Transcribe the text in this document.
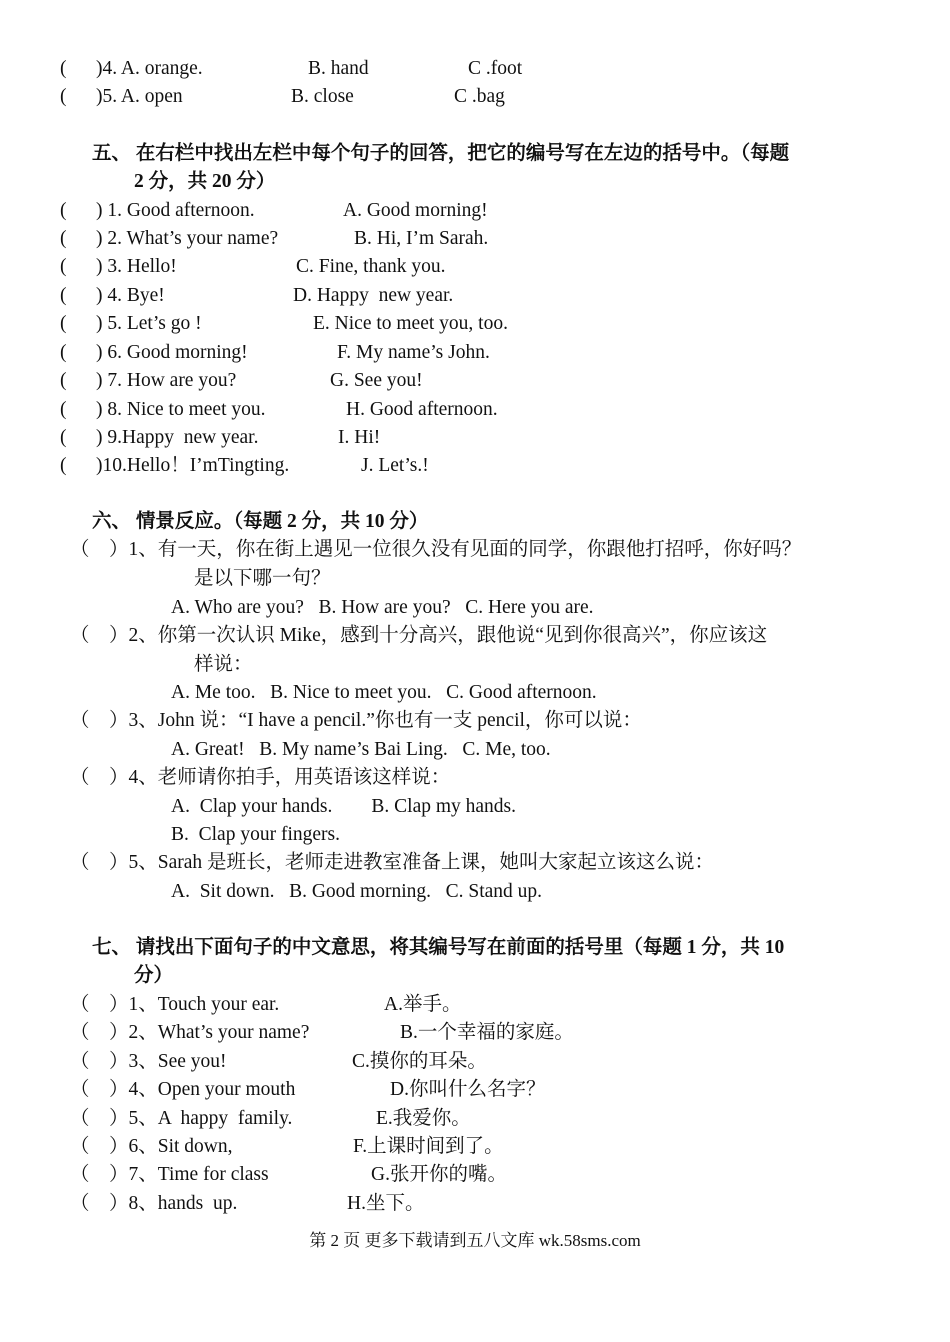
( )4. A. orange.	B. hand	C .foot
( )5. A. open	B. close	C .bag
五、 在右栏中找出左栏中每个句子的回答，把它的编号写在左边的括号中。（每题
2 分，共 20 分）
( ) 1. Good afternoon.	A. Good morning!
( ) 2. What’s your name?	B. Hi, I’m Sarah.
( ) 3. Hello!	C. Fine, thank you.
( ) 4. Bye!	D. Happy  new year.
( ) 5. Let’s go !	E. Nice to meet you, too.
( ) 6. Good morning!	F. My name’s John.
( ) 7. How are you?	G. See you!
( ) 8. Nice to meet you.	H. Good afternoon.
( ) 9.Happy  new year.	I. Hi!
( )10.Hello！I’mTingting.	J. Let’s.!
六、 情景反应。（每题 2 分，共 10 分）
（    ）1、有一天，你在街上遇见一位很久没有见面的同学，你跟他打招呼，你好吗？
是以下哪一句？
A. Who are you?   B. How are you?   C. Here you are.
（    ）2、你第一次认识 Mike，感到十分高兴，跟他说“见到你很高兴”，你应该这
样说：
A. Me too.   B. Nice to meet you.   C. Good afternoon.
（    ）3、John 说：“I have a pencil.”你也有一支 pencil，你可以说：
A. Great!   B. My name’s Bai Ling.   C. Me, too.
（    ）4、老师请你拍手，用英语该这样说：
A.  Clap your hands.        B. Clap my hands.
B.  Clap your fingers.
（    ）5、Sarah 是班长，老师走进教室准备上课，她叫大家起立该这么说：
A.  Sit down.   B. Good morning.   C. Stand up.
七、 请找出下面句子的中文意思，将其编号写在前面的括号里（每题 1 分，共 10
分）
（    ）1、Touch your ear.	A.举手。
（    ）2、What’s your name?	B.一个幸福的家庭。
（    ）3、See you!	C.摸你的耳朵。
（    ）4、Open your mouth	D.你叫什么名字？
（    ）5、A  happy  family.	E.我爱你。
（    ）6、Sit down,	F.上课时间到了。
（    ）7、Time for class	G.张开你的嘴。
（    ）8、hands  up.	H.坐下。
第 2 页 更多下载请到五八文库 wk.58sms.com
